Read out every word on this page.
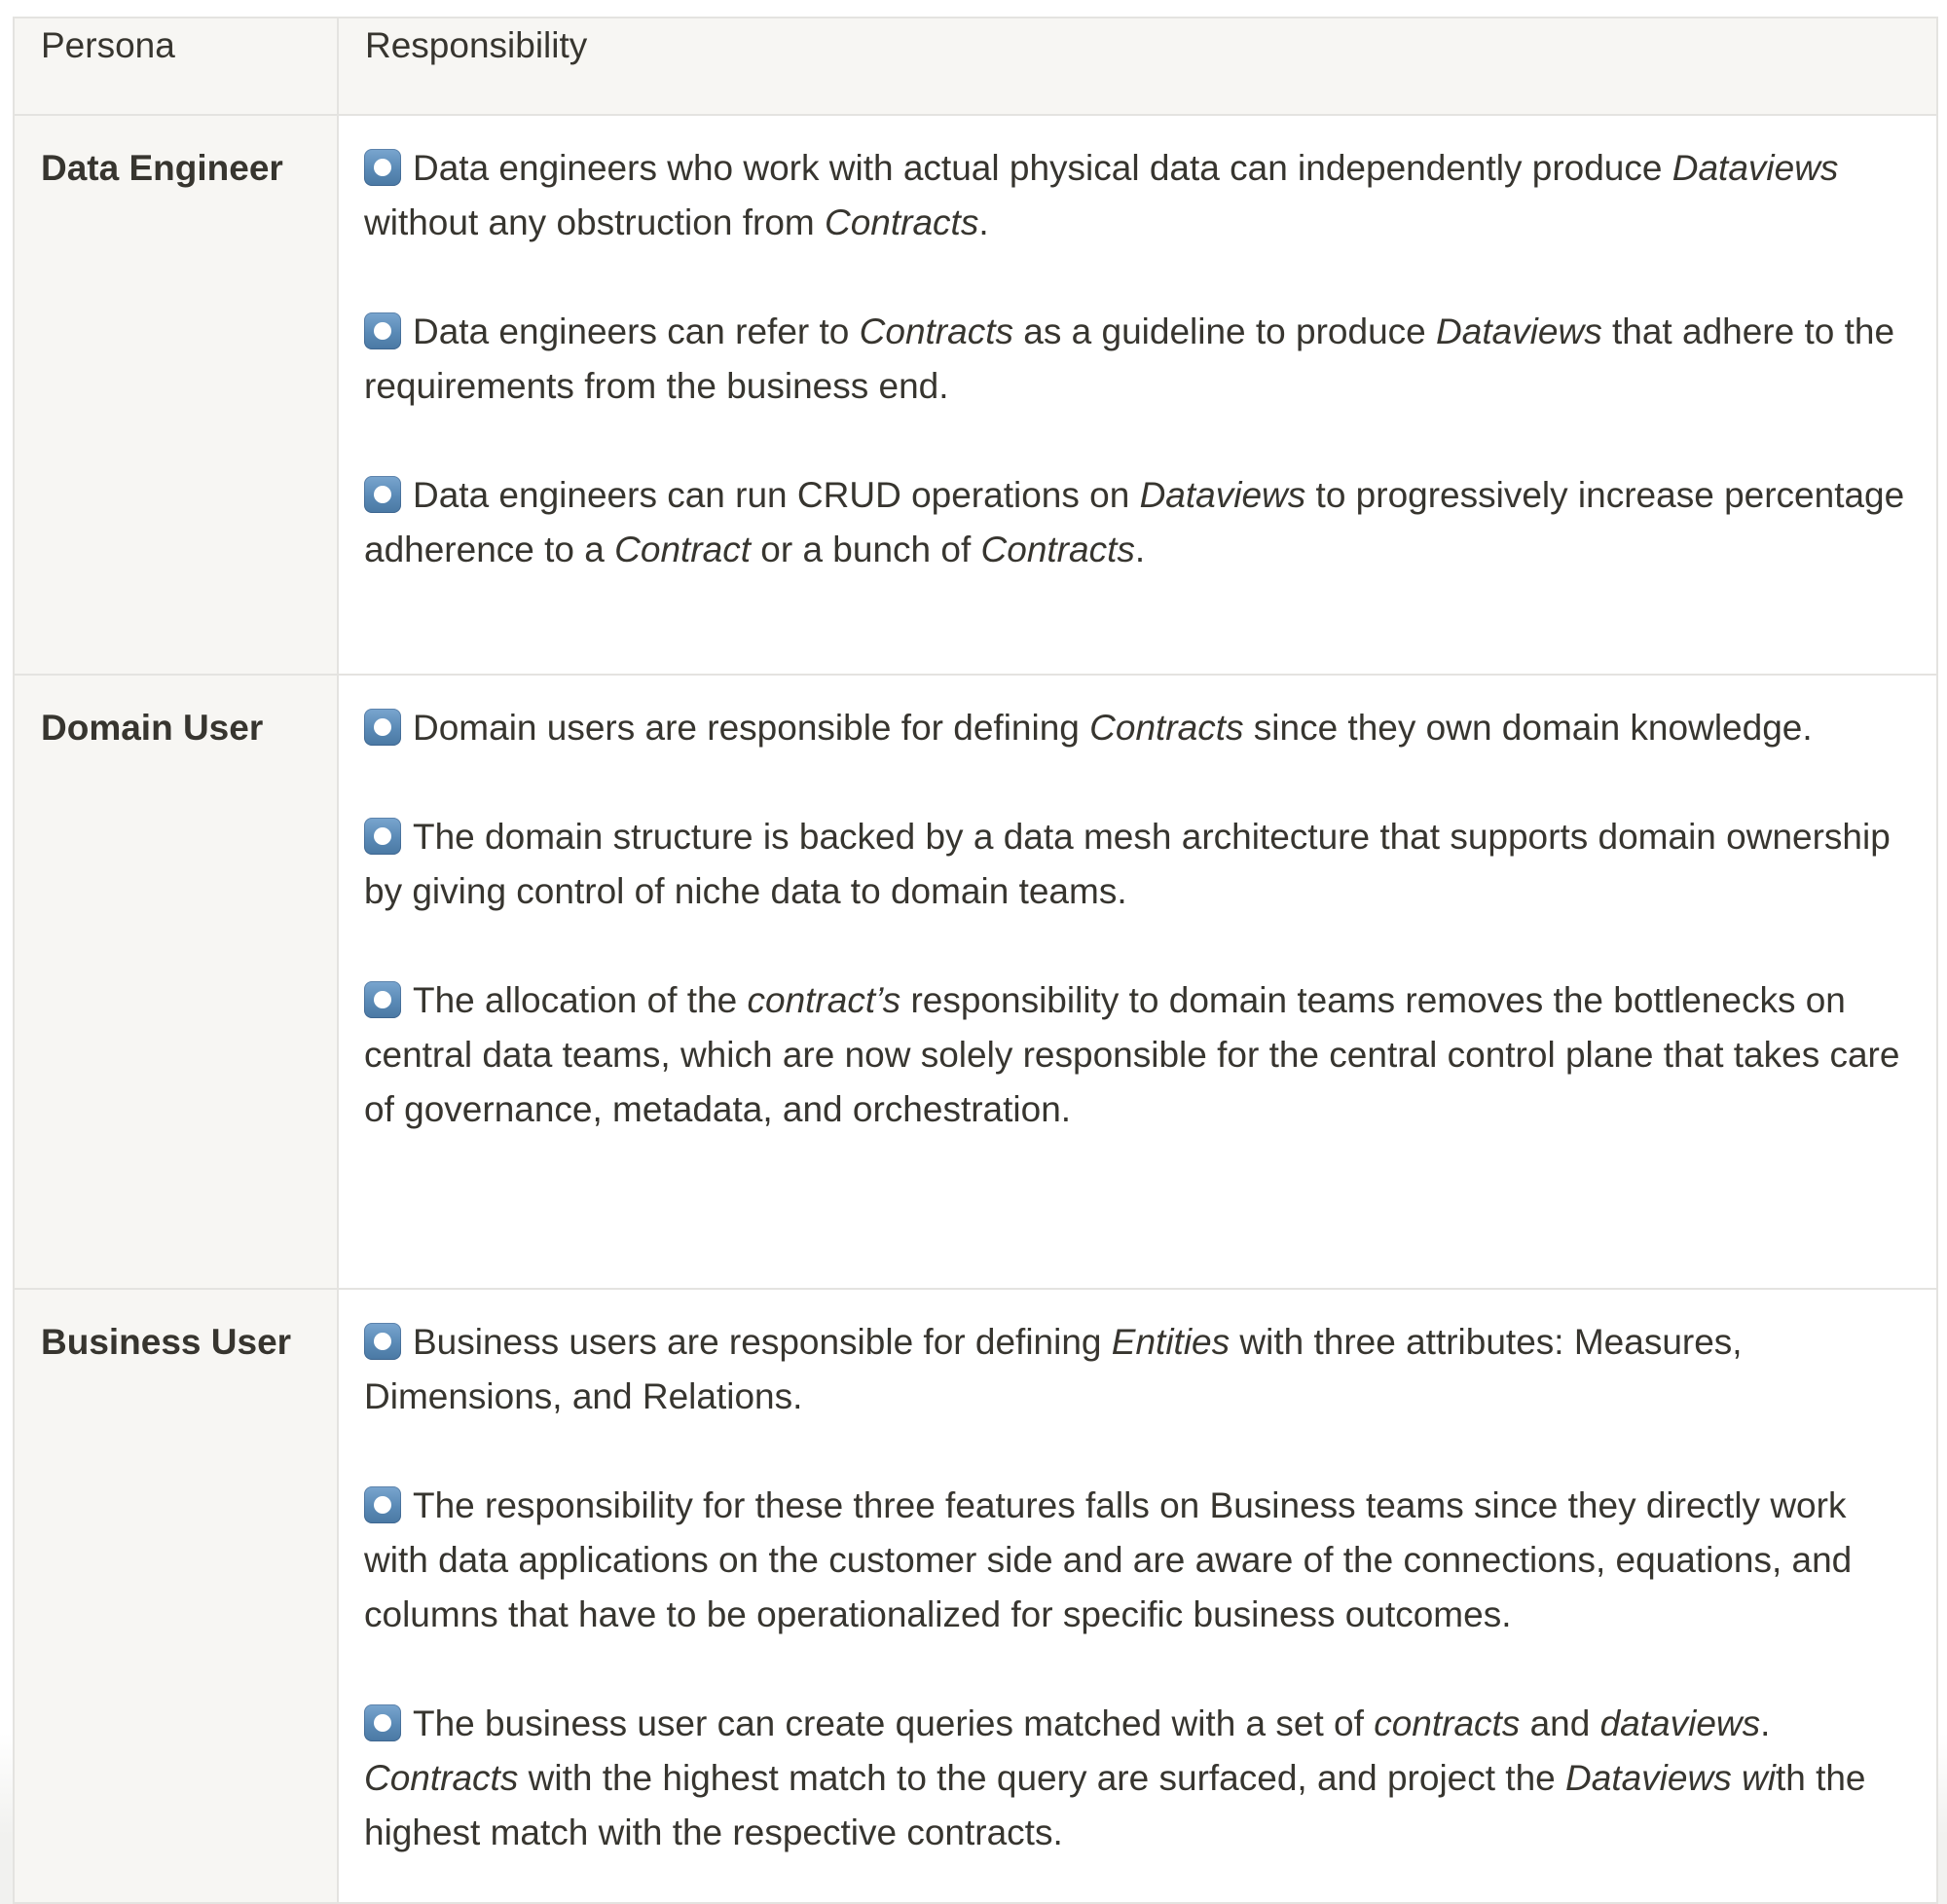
Persona	Responsibility
Data Engineer	Data engineers who work with actual physical data can independently produce Dataviews without any obstruction from Contracts.

Data engineers can refer to Contracts as a guideline to produce Dataviews that adhere to the requirements from the business end.

Data engineers can run CRUD operations on Dataviews to progressively increase percentage adherence to a Contract or a bunch of Contracts.

Domain User	Domain users are responsible for defining Contracts since they own domain knowledge.

The domain structure is backed by a data mesh architecture that supports domain ownership by giving control of niche data to domain teams.

The allocation of the contract’s responsibility to domain teams removes the bottlenecks on central data teams, which are now solely responsible for the central control plane that takes care of governance, metadata, and orchestration.

Business User	Business users are responsible for defining Entities with three attributes: Measures, Dimensions, and Relations.

The responsibility for these three features falls on Business teams since they directly work with data applications on the customer side and are aware of the connections, equations, and columns that have to be operationalized for specific business outcomes.

The business user can create queries matched with a set of contracts and dataviews. Contracts with the highest match to the query are surfaced, and project the Dataviews with the highest match with the respective contracts.
